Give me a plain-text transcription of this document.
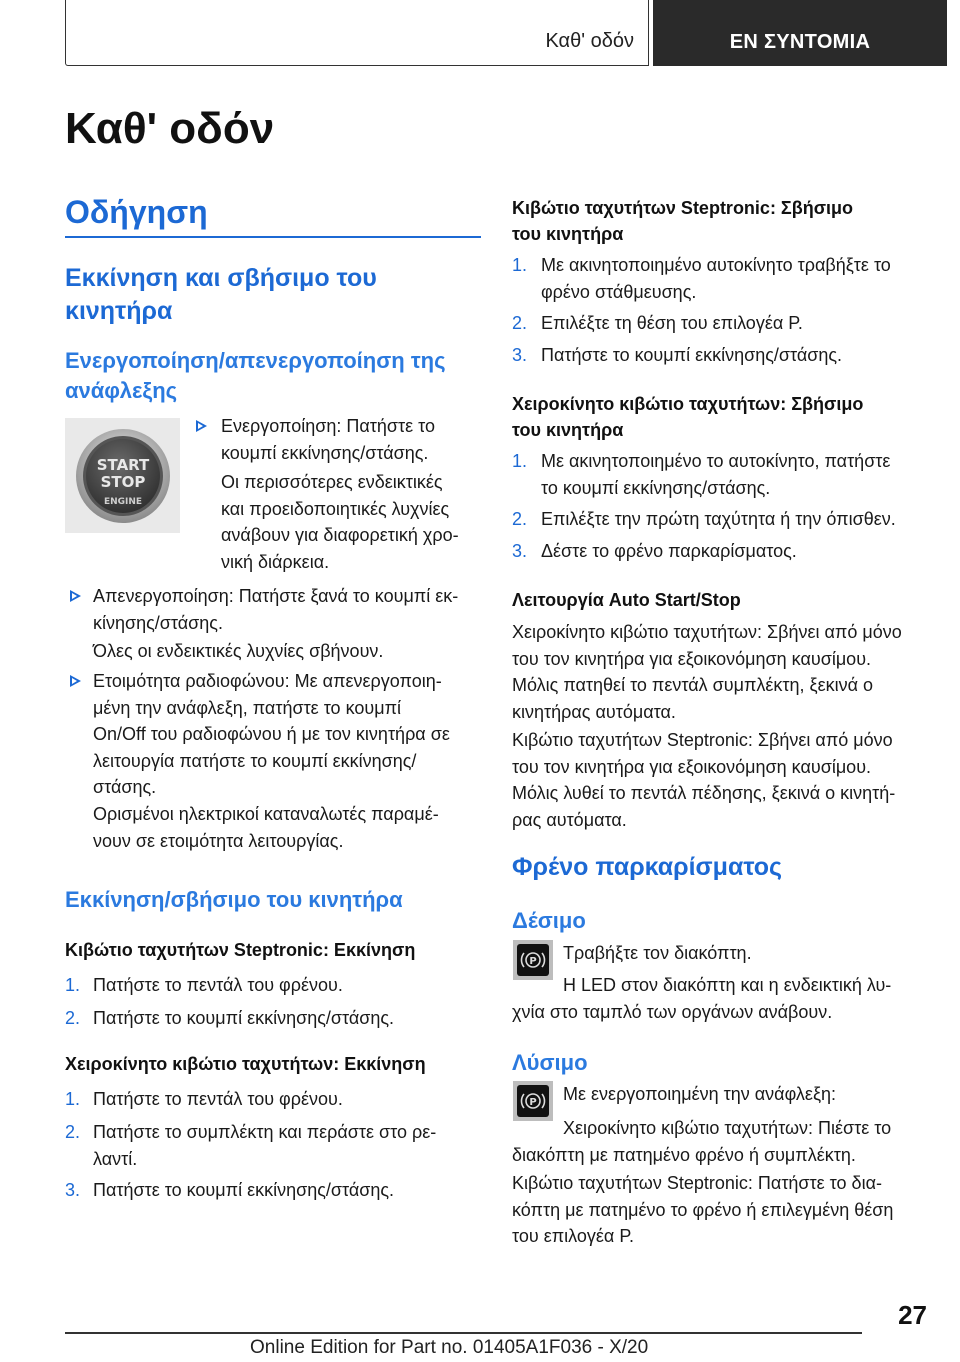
Καθ' οδόν	ΕΝ ΣΥΝΤΟΜΙΑ
Καθ' οδόν
Οδήγηση
Εκκίνηση και σβήσιμο του
κινητήρα
Ενεργοποίηση/απενεργοποίηση της
ανάφλεξης
START
STOP
ENGINE
Ενεργοποίηση: Πατήστε το
κουμπί εκκίνησης/στάσης.
Οι περισσότερες ενδεικτικές
και προειδοποιητικές λυχνίες
ανάβουν για διαφορετική χρο-
νική διάρκεια.
Απενεργοποίηση: Πατήστε ξανά το κουμπί εκ-
κίνησης/στάσης.
Όλες οι ενδεικτικές λυχνίες σβήνουν.
Ετοιμότητα ραδιοφώνου: Με απενεργοποιη-
μένη την ανάφλεξη, πατήστε το κουμπί
On/Off του ραδιοφώνου ή με τον κινητήρα σε
λειτουργία πατήστε το κουμπί εκκίνησης/
στάσης.
Ορισμένοι ηλεκτρικοί καταναλωτές παραμέ-
νουν σε ετοιμότητα λειτουργίας.
Εκκίνηση/σβήσιμο του κινητήρα
Κιβώτιο ταχυτήτων Steptronic: Εκκίνηση
1. Πατήστε το πεντάλ του φρένου.
2. Πατήστε το κουμπί εκκίνησης/στάσης.
Χειροκίνητο κιβώτιο ταχυτήτων: Εκκίνηση
1. Πατήστε το πεντάλ του φρένου.
2. Πατήστε το συμπλέκτη και περάστε στο ρε-
λαντί.
3. Πατήστε το κουμπί εκκίνησης/στάσης.
Κιβώτιο ταχυτήτων Steptronic: Σβήσιμο
του κινητήρα
1. Με ακινητοποιημένο αυτοκίνητο τραβήξτε το
φρένο στάθμευσης.
2. Επιλέξτε τη θέση του επιλογέα P.
3. Πατήστε το κουμπί εκκίνησης/στάσης.
Χειροκίνητο κιβώτιο ταχυτήτων: Σβήσιμο
του κινητήρα
1. Με ακινητοποιημένο το αυτοκίνητο, πατήστε
το κουμπί εκκίνησης/στάσης.
2. Επιλέξτε την πρώτη ταχύτητα ή την όπισθεν.
3. Δέστε το φρένο παρκαρίσματος.
Λειτουργία Auto Start/Stop
Χειροκίνητο κιβώτιο ταχυτήτων: Σβήνει από μόνο
του τον κινητήρα για εξοικονόμηση καυσίμου.
Μόλις πατηθεί το πεντάλ συμπλέκτη, ξεκινά ο
κινητήρας αυτόματα.
Κιβώτιο ταχυτήτων Steptronic: Σβήνει από μόνο
του τον κινητήρα για εξοικονόμηση καυσίμου.
Μόλις λυθεί το πεντάλ πέδησης, ξεκινά ο κινητή-
ρας αυτόματα.
Φρένο παρκαρίσματος
Δέσιμο
P Τραβήξτε τον διακόπτη.
Η LED στον διακόπτη και η ενδεικτική λυ-
χνία στο ταμπλό των οργάνων ανάβουν.
Λύσιμο
P Με ενεργοποιημένη την ανάφλεξη:
Χειροκίνητο κιβώτιο ταχυτήτων: Πιέστε το
διακόπτη με πατημένο φρένο ή συμπλέκτη.
Κιβώτιο ταχυτήτων Steptronic: Πατήστε το δια-
κόπτη με πατημένο το φρένο ή επιλεγμένη θέση
του επιλογέα P.
27
Online Edition for Part no. 01405A1F036 - X/20
